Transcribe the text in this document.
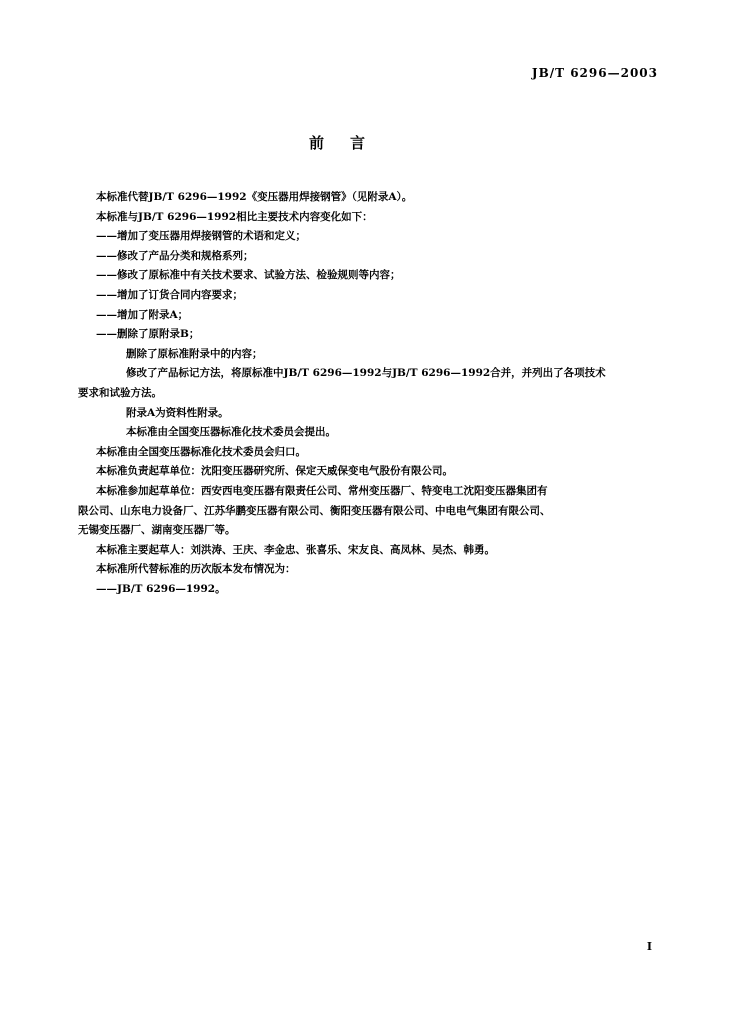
JB/T 6296—2003
前言

本标准代替JB/T 6296—1992《变压器用焊接钢管》（见附录A）。

本标准与JB/T 6296—1992相比主要技术内容变化如下：

——增加了变压器用焊接钢管的术语和定义；

——修改了产品分类和规格系列；

——修改了原标准中有关技术要求、试验方法、检验规则等内容；

——增加了订货合同内容要求；

——增加了附录A；

——删除了原附录B；

删除了原标准附录中的内容；

修改了产品标记方法，将原标准中JB/T 6296—1992与JB/T 6296—1992合并，并列出了各项技术

要求和试验方法。

附录A为资料性附录。

本标准由全国变压器标准化技术委员会提出。

本标准由全国变压器标准化技术委员会归口。

本标准负责起草单位：沈阳变压器研究所、保定天威保变电气股份有限公司。

本标准参加起草单位：西安西电变压器有限责任公司、常州变压器厂、特变电工沈阳变压器集团有

限公司、山东电力设备厂、江苏华鹏变压器有限公司、衡阳变压器有限公司、中电电气集团有限公司、

无锡变压器厂、湖南变压器厂等。

本标准主要起草人：刘洪涛、王庆、李金忠、张喜乐、宋友良、高凤林、吴杰、韩勇。

本标准所代替标准的历次版本发布情况为：

——JB/T 6296—1992。

I
